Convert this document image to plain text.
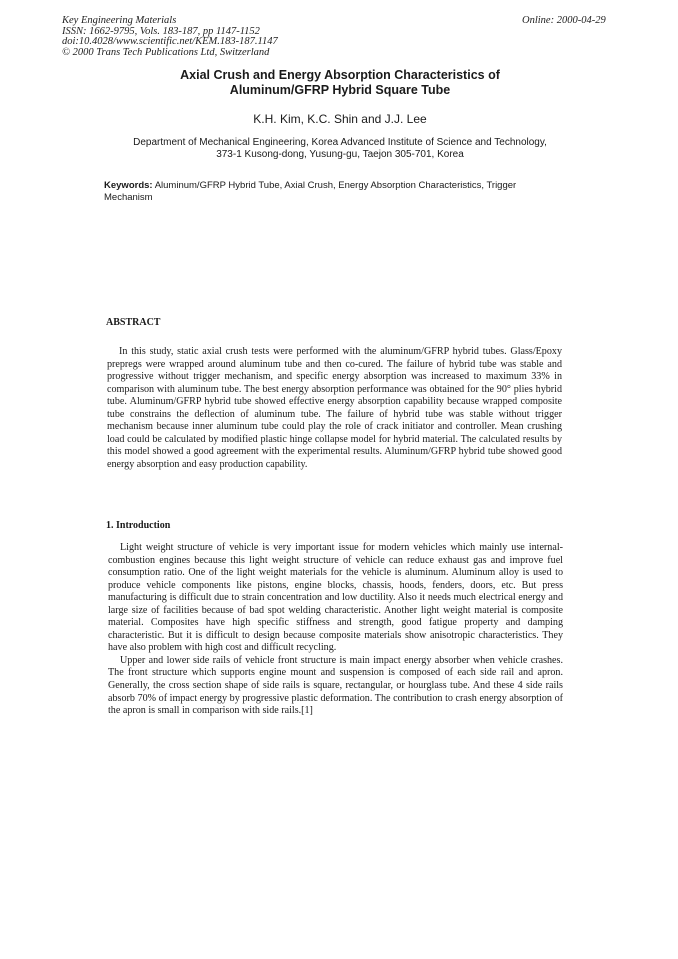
Key Engineering Materials
ISSN: 1662-9795, Vols. 183-187, pp 1147-1152
doi:10.4028/www.scientific.net/KEM.183-187.1147
© 2000 Trans Tech Publications Ltd, Switzerland
Online: 2000-04-29
Axial Crush and Energy Absorption Characteristics of
Aluminum/GFRP Hybrid Square Tube
K.H. Kim, K.C. Shin and J.J. Lee
Department of Mechanical Engineering, Korea Advanced Institute of Science and Technology,
373-1 Kusong-dong, Yusung-gu, Taejon 305-701, Korea
Keywords: Aluminum/GFRP Hybrid Tube, Axial Crush, Energy Absorption Characteristics, Trigger Mechanism
ABSTRACT

In this study, static axial crush tests were performed with the aluminum/GFRP hybrid tubes. Glass/Epoxy prepregs were wrapped around aluminum tube and then co-cured. The failure of hybrid tube was stable and progressive without trigger mechanism, and specific energy absorption was increased to maximum 33% in comparison with aluminum tube. The best energy absorption performance was obtained for the 90° plies hybrid tube. Aluminum/GFRP hybrid tube showed effective energy absorption capability because wrapped composite tube constrains the deflection of aluminum tube. The failure of hybrid tube was stable without trigger mechanism because inner aluminum tube could play the role of crack initiator and controller. Mean crushing load could be calculated by modified plastic hinge collapse model for hybrid material. The calculated results by this model showed a good agreement with the experimental results. Aluminum/GFRP hybrid tube showed good energy absorption and easy production capability.

1. Introduction

Light weight structure of vehicle is very important issue for modern vehicles which mainly use internal-combustion engines because this light weight structure of vehicle can reduce exhaust gas and improve fuel consumption ratio. One of the light weight materials for the vehicle is aluminum. Aluminum alloy is used to produce vehicle components like pistons, engine blocks, chassis, hoods, fenders, doors, etc. But press manufacturing is difficult due to strain concentration and low ductility. Also it needs much electrical energy and large size of facilities because of bad spot welding characteristic. Another light weight material is composite material. Composites have high specific stiffness and strength, good fatigue property and damping characteristic. But it is difficult to design because composite materials show anisotropic characteristics. They have also problem with high cost and difficult recycling.

Upper and lower side rails of vehicle front structure is main impact energy absorber when vehicle crashes. The front structure which supports engine mount and suspension is composed of each side rail and apron. Generally, the cross section shape of side rails is square, rectangular, or hourglass tube. And these 4 side rails absorb 70% of impact energy by progressive plastic deformation. The contribution to crash energy absorption of the apron is small in comparison with side rails.[1]
